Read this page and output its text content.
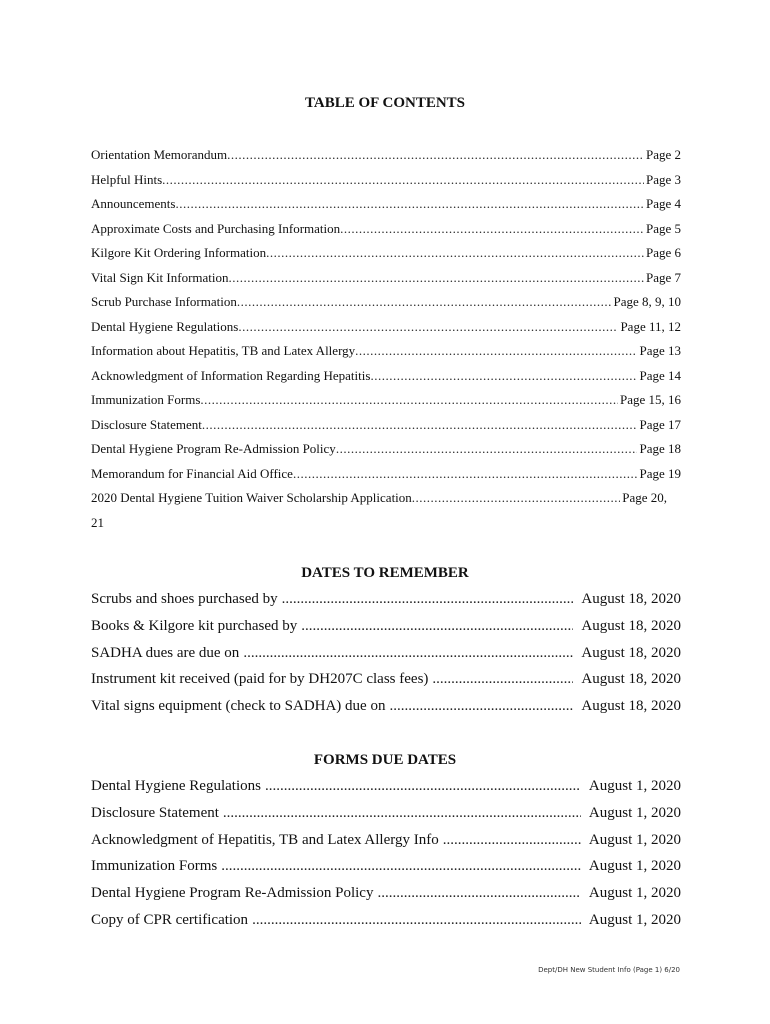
TABLE OF CONTENTS
Orientation Memorandum .....	Page 2
Helpful Hints .....	Page 3
Announcements .....	Page 4
Approximate Costs and Purchasing Information .....	Page 5
Kilgore Kit Ordering Information .....	Page 6
Vital Sign Kit Information .....	Page 7
Scrub Purchase Information .....	Page 8, 9, 10
Dental Hygiene Regulations .....	Page 11, 12
Information about Hepatitis, TB and Latex Allergy .....	Page 13
Acknowledgment of Information Regarding Hepatitis .....	Page 14
Immunization Forms .....	Page 15, 16
Disclosure Statement .....	Page 17
Dental Hygiene Program Re-Admission Policy .....	Page 18
Memorandum for Financial Aid Office .....	Page 19
2020 Dental Hygiene Tuition Waiver Scholarship Application .....	Page 20,
21
DATES TO REMEMBER
Scrubs and shoes purchased by .....	August 18, 2020
Books & Kilgore kit purchased by .....	August 18, 2020
SADHA dues are due on .....	August 18, 2020
Instrument kit received (paid for by DH207C class fees) .....	August 18, 2020
Vital signs equipment (check to SADHA) due on .....	August 18, 2020
FORMS DUE DATES
Dental Hygiene Regulations .....	August 1, 2020
Disclosure Statement .....	August 1, 2020
Acknowledgment of Hepatitis, TB and Latex Allergy Info .....	August 1, 2020
Immunization Forms .....	August 1, 2020
Dental Hygiene Program Re-Admission Policy .....	August 1, 2020
Copy of CPR certification .....	August 1, 2020
Dept/DH New Student Info (Page 1) 6/20
